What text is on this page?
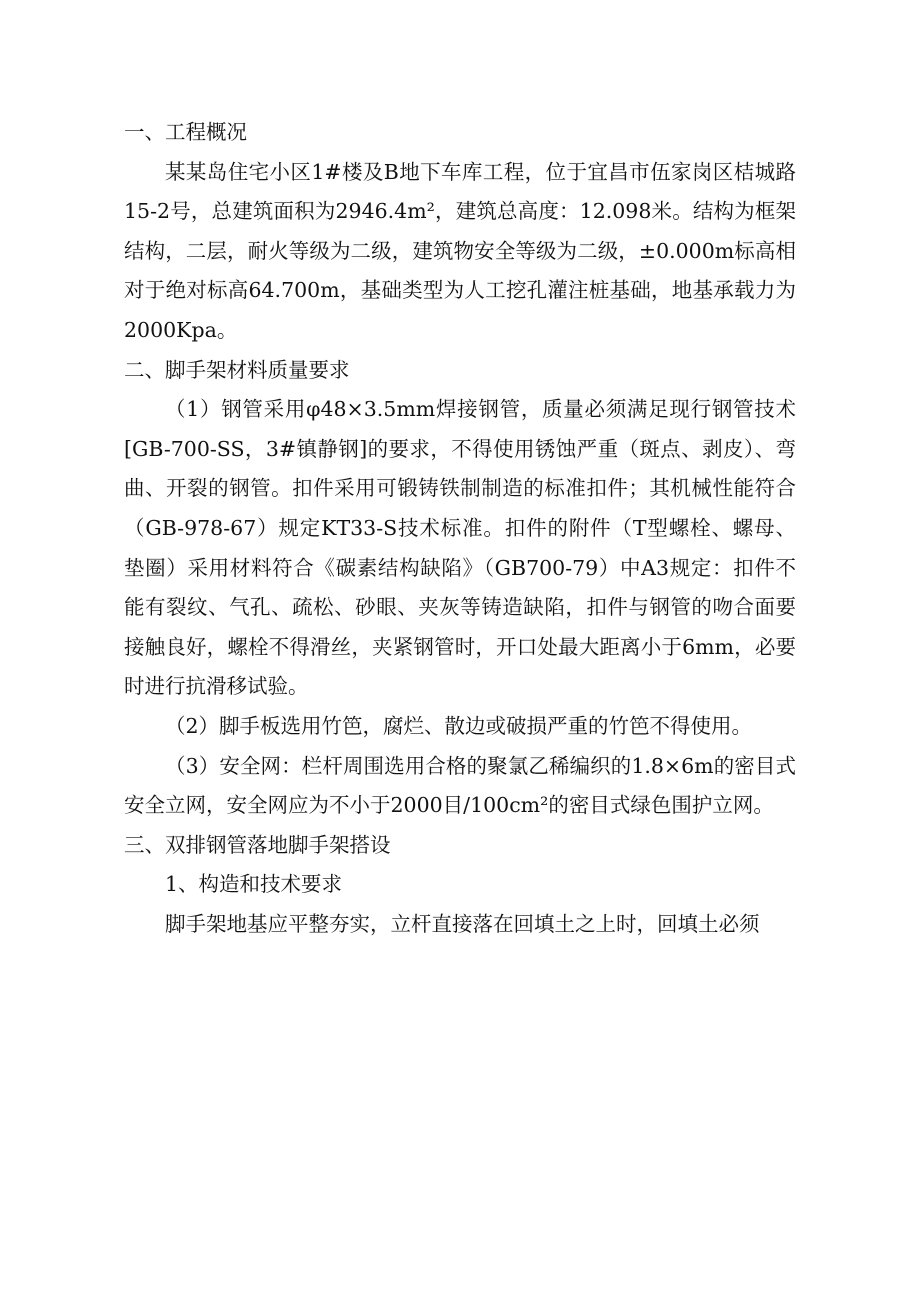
一、工程概况

某某岛住宅小区1#楼及B地下车库工程，位于宜昌市伍家岗区桔城路15-2号，总建筑面积为2946.4m²，建筑总高度：12.098米。结构为框架结构，二层，耐火等级为二级，建筑物安全等级为二级，±0.000m标高相对于绝对标高64.700m，基础类型为人工挖孔灌注桩基础，地基承载力为2000Kpa。

二、脚手架材料质量要求

（1）钢管采用φ48×3.5mm焊接钢管，质量必须满足现行钢管技术[GB-700-SS，3#镇静钢]的要求，不得使用锈蚀严重（斑点、剥皮）、弯曲、开裂的钢管。扣件采用可锻铸铁制制造的标准扣件；其机械性能符合（GB-978-67）规定KT33-S技术标准。扣件的附件（T型螺栓、螺母、垫圈）采用材料符合《碳素结构缺陷》（GB700-79）中A3规定：扣件不能有裂纹、气孔、疏松、砂眼、夹灰等铸造缺陷，扣件与钢管的吻合面要接触良好，螺栓不得滑丝，夹紧钢管时，开口处最大距离小于6mm，必要时进行抗滑移试验。

（2）脚手板选用竹笆，腐烂、散边或破损严重的竹笆不得使用。

（3）安全网：栏杆周围选用合格的聚氯乙稀编织的1.8×6m的密目式安全立网，安全网应为不小于2000目/100cm²的密目式绿色围护立网。

三、双排钢管落地脚手架搭设

1、构造和技术要求

脚手架地基应平整夯实，立杆直接落在回填土之上时，回填土必须
